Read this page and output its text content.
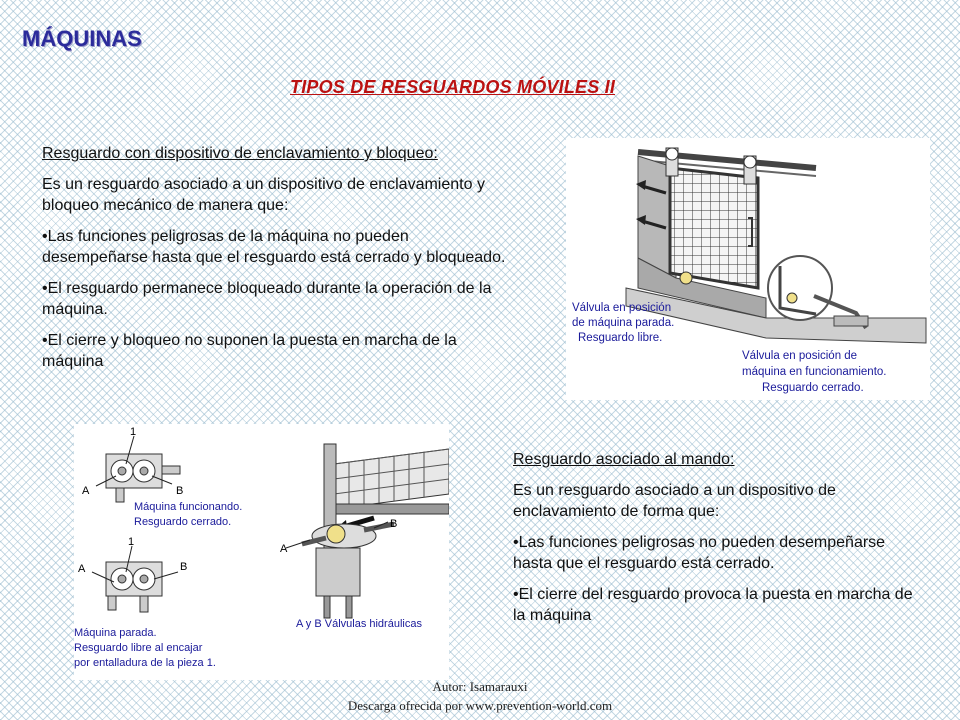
MÁQUINAS
TIPOS DE RESGUARDOS MÓVILES II

Resguardo con dispositivo de enclavamiento y bloqueo:

Es un resguardo asociado a un dispositivo de enclavamiento y bloqueo mecánico de manera que:

•Las funciones peligrosas de la máquina no pueden desempeñarse hasta que el resguardo está cerrado y bloqueado.

•El resguardo permanece bloqueado durante la operación de la máquina.

•El cierre y bloqueo no suponen la puesta en marcha de la máquina

Resguardo asociado al mando:

Es un resguardo asociado a un dispositivo de enclavamiento de forma que:

•Las funciones peligrosas no pueden desempeñarse hasta que el resguardo está cerrado.

•El cierre del resguardo provoca la puesta en marcha de la máquina

Válvula en posición
de máquina parada.
Resguardo libre.
Válvula en posición de
máquina en funcionamiento.
Resguardo cerrado.
1
A	B
Máquina funcionando.
Resguardo cerrado.
1
A	B
Máquina parada.
Resguardo libre al encajar
por entalladura de la pieza 1.
A
B
A y B Válvulas hidráulicas
Autor: Isamarauxi
Descarga ofrecida por www.prevention-world.com
